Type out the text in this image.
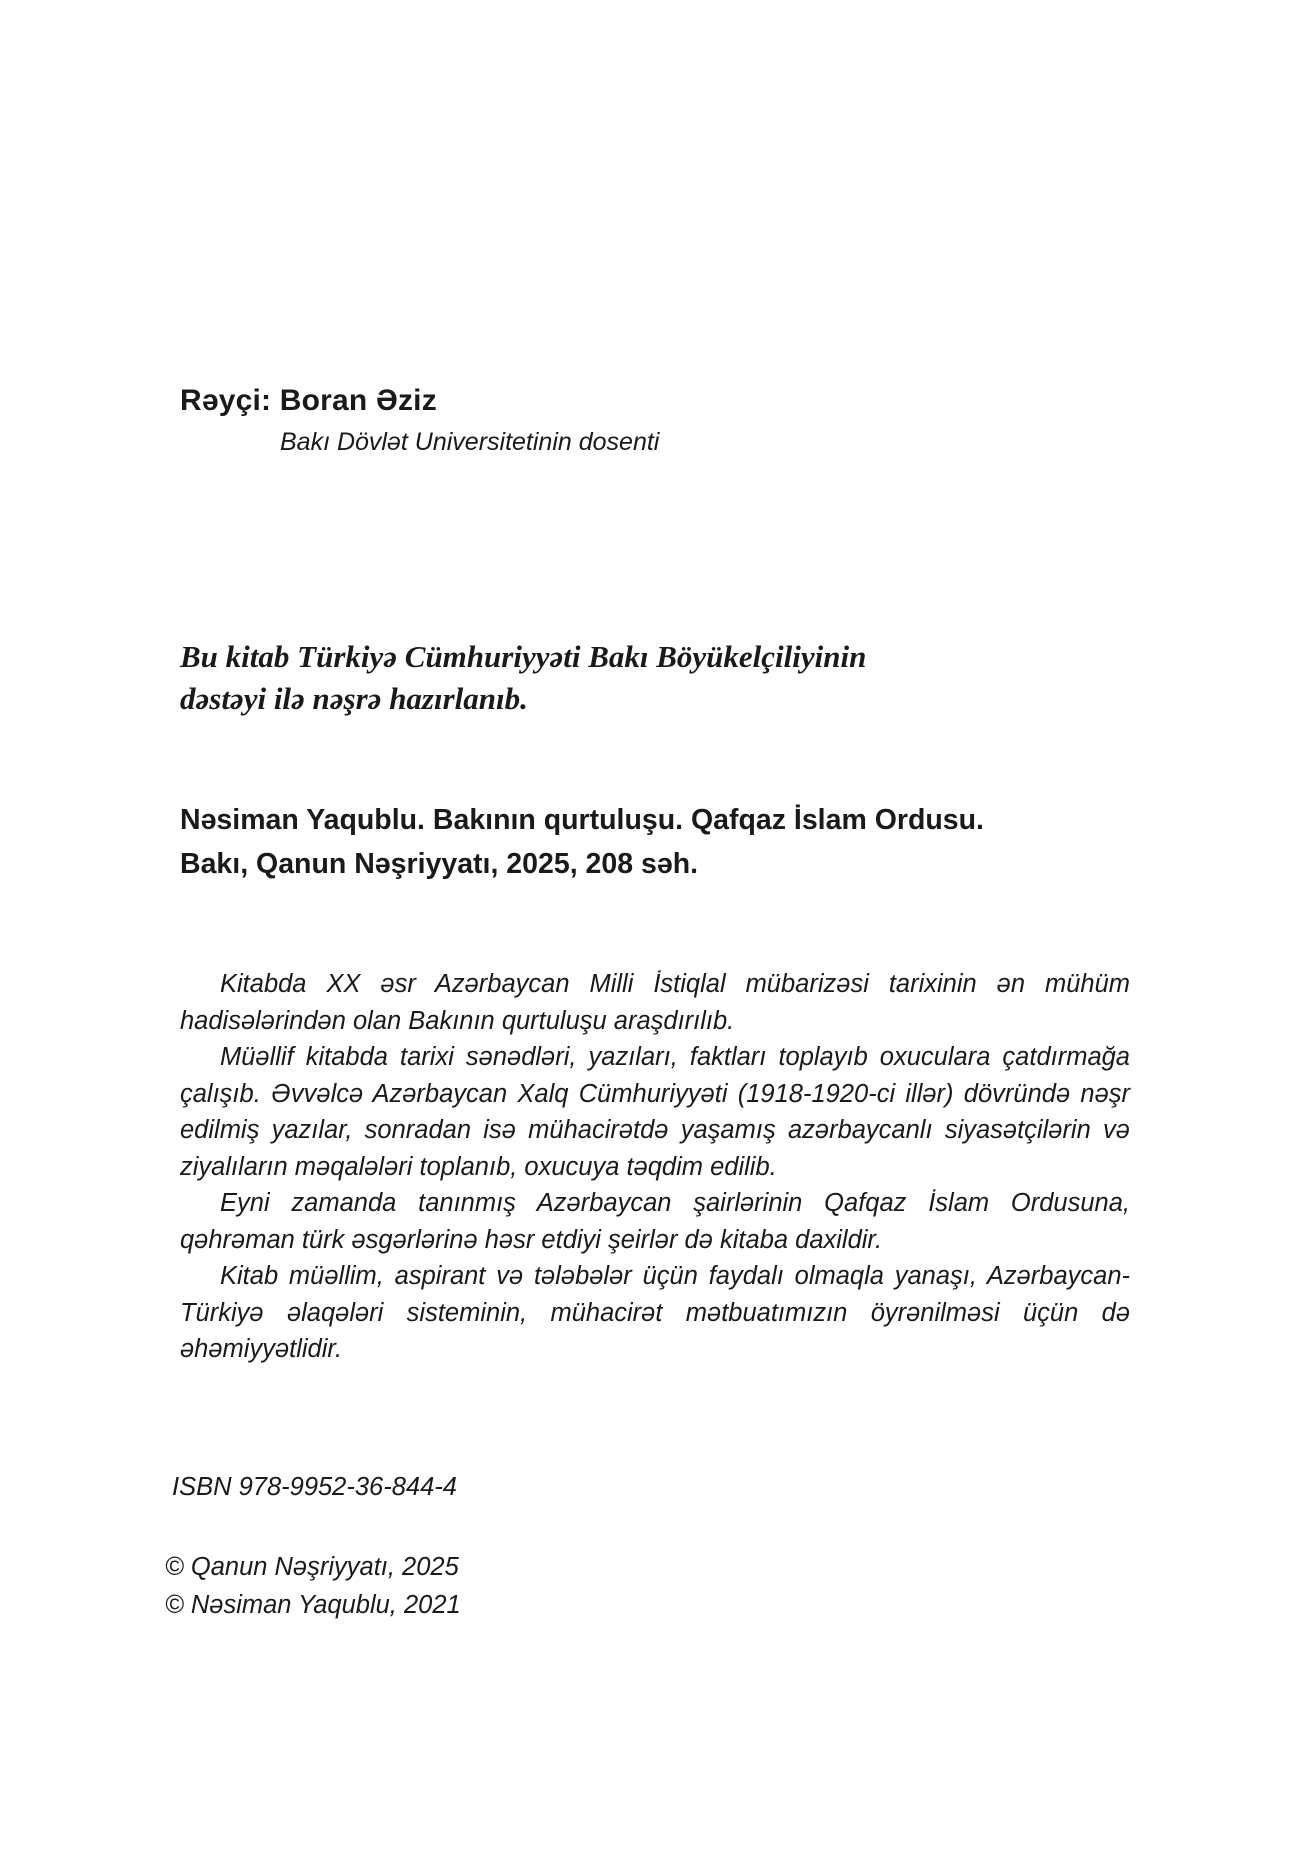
Rəyçi: Boran Əziz
Bakı Dövlət Universitetinin dosenti
Bu kitab Türkiyə Cümhuriyyəti Bakı Böyükelçiliyinin
dəstəyi ilə nəşrə hazırlanıb.
Nəsiman Yaqublu. Bakının qurtuluşu. Qafqaz İslam Ordusu.
Bakı, Qanun Nəşriyyatı, 2025, 208 səh.

Kitabda XX əsr Azərbaycan Milli İstiqlal mübarizəsi tarixinin ən mühüm hadisələrindən olan Bakının qurtuluşu araşdırılıb.

Müəllif kitabda tarixi sənədləri, yazıları, faktları toplayıb oxuculara çatdırmağa çalışıb. Əvvəlcə Azərbaycan Xalq Cümhuriyyəti (1918-1920-ci illər) dövründə nəşr edilmiş yazılar, sonradan isə mühacirətdə yaşamış azərbaycanlı siyasətçilərin və ziyalıların məqalələri toplanıb, oxucuya təqdim edilib.

Eyni zamanda tanınmış Azərbaycan şairlərinin Qafqaz İslam Ordusuna, qəhrəman türk əsgərlərinə həsr etdiyi şeirlər də kitaba daxildir.

Kitab müəllim, aspirant və tələbələr üçün faydalı olmaqla yanaşı, Azərbaycan-Türkiyə əlaqələri sisteminin, mühacirət mətbuatımızın öyrənilməsi üçün də əhəmiyyətlidir.

ISBN 978-9952-36-844-4
© Qanun Nəşriyyatı, 2025
© Nəsiman Yaqublu, 2021
